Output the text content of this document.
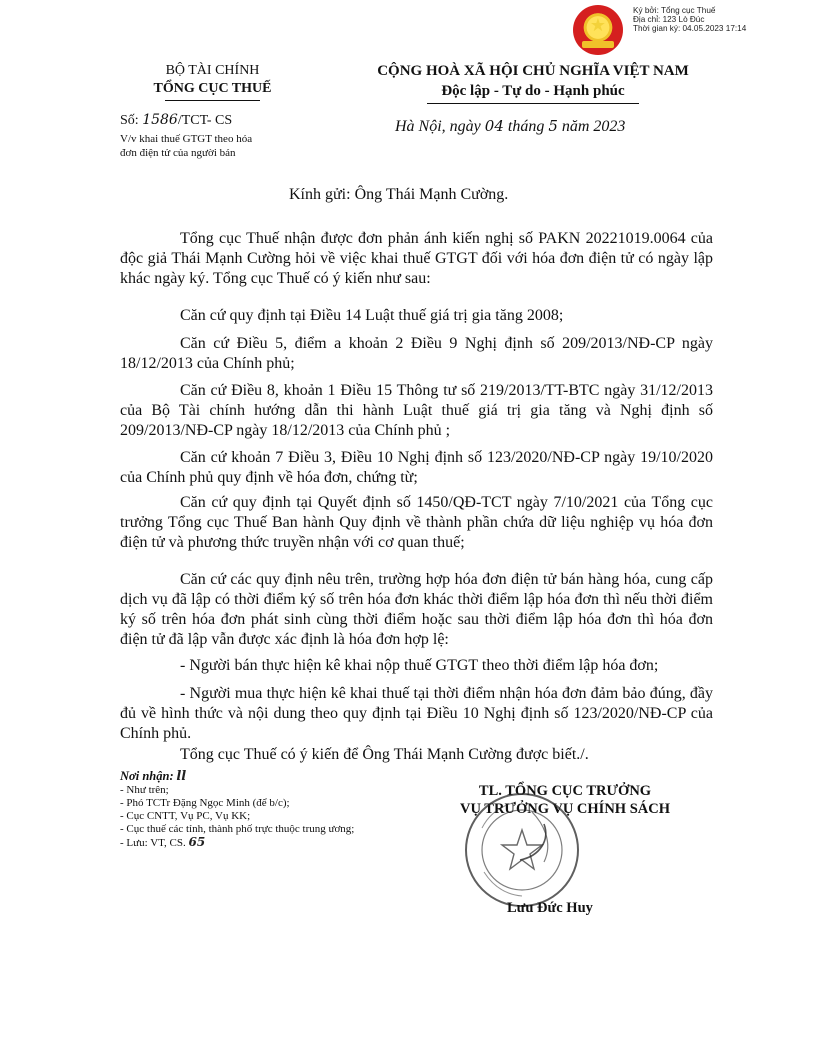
★
Ký bởi: Tổng cục Thuế
Địa chỉ: 123 Lò Đúc
Thời gian ký: 04.05.2023 17:14
BỘ TÀI CHÍNH
TỔNG CỤC THUẾ
CỘNG HOÀ XÃ HỘI CHỦ NGHĨA VIỆT NAM
Độc lập - Tự do - Hạnh phúc
Số: 1586/TCT- CS
V/v khai thuế GTGT theo hóa
đơn điện tử của người bán
Hà Nội, ngày 04 tháng 5 năm 2023
Kính gửi: Ông Thái Mạnh Cường.
Tổng cục Thuế nhận được đơn phản ánh kiến nghị số PAKN 20221019.0064 của độc giả Thái Mạnh Cường hỏi về việc khai thuế GTGT đối với hóa đơn điện tử có ngày lập khác ngày ký. Tổng cục Thuế có ý kiến như sau:
Căn cứ quy định tại Điều 14 Luật thuế giá trị gia tăng 2008;
Căn cứ Điều 5, điểm a khoản 2 Điều 9 Nghị định số 209/2013/NĐ-CP ngày 18/12/2013 của Chính phủ;
Căn cứ Điều 8, khoản 1 Điều 15 Thông tư số 219/2013/TT-BTC ngày 31/12/2013 của Bộ Tài chính hướng dẫn thi hành Luật thuế giá trị gia tăng và Nghị định số 209/2013/NĐ-CP ngày 18/12/2013 của Chính phủ ;
Căn cứ khoản 7 Điều 3, Điều 10 Nghị định số 123/2020/NĐ-CP ngày 19/10/2020 của Chính phủ quy định về hóa đơn, chứng từ;
Căn cứ quy định tại Quyết định số 1450/QĐ-TCT ngày 7/10/2021 của Tổng cục trưởng Tổng cục Thuế Ban hành Quy định về thành phần chứa dữ liệu nghiệp vụ hóa đơn điện tử và phương thức truyền nhận với cơ quan thuế;
Căn cứ các quy định nêu trên, trường hợp hóa đơn điện tử bán hàng hóa, cung cấp dịch vụ đã lập có thời điểm ký số trên hóa đơn khác thời điểm lập hóa đơn thì nếu thời điểm ký số trên hóa đơn phát sinh cùng thời điểm hoặc sau thời điểm lập hóa đơn thì hóa đơn điện tử đã lập vẫn được xác định là hóa đơn hợp lệ:
- Người bán thực hiện kê khai nộp thuế GTGT theo thời điểm lập hóa đơn;
- Người mua thực hiện kê khai thuế tại thời điểm nhận hóa đơn đảm bảo đúng, đầy đủ về hình thức và nội dung theo quy định tại Điều 10 Nghị định số 123/2020/NĐ-CP của Chính phủ.
Tổng cục Thuế có ý kiến để Ông Thái Mạnh Cường được biết./.
Nơi nhận: ll
- Như trên;
- Phó TCTr Đặng Ngọc Minh (để b/c);
- Cục CNTT, Vụ PC, Vụ KK;
- Cục thuế các tỉnh, thành phố trực thuộc trung ương;
- Lưu: VT, CS. 65
TL. TỔNG CỤC TRƯỞNG
VỤ TRƯỞNG VỤ CHÍNH SÁCH
Lưu Đức Huy
